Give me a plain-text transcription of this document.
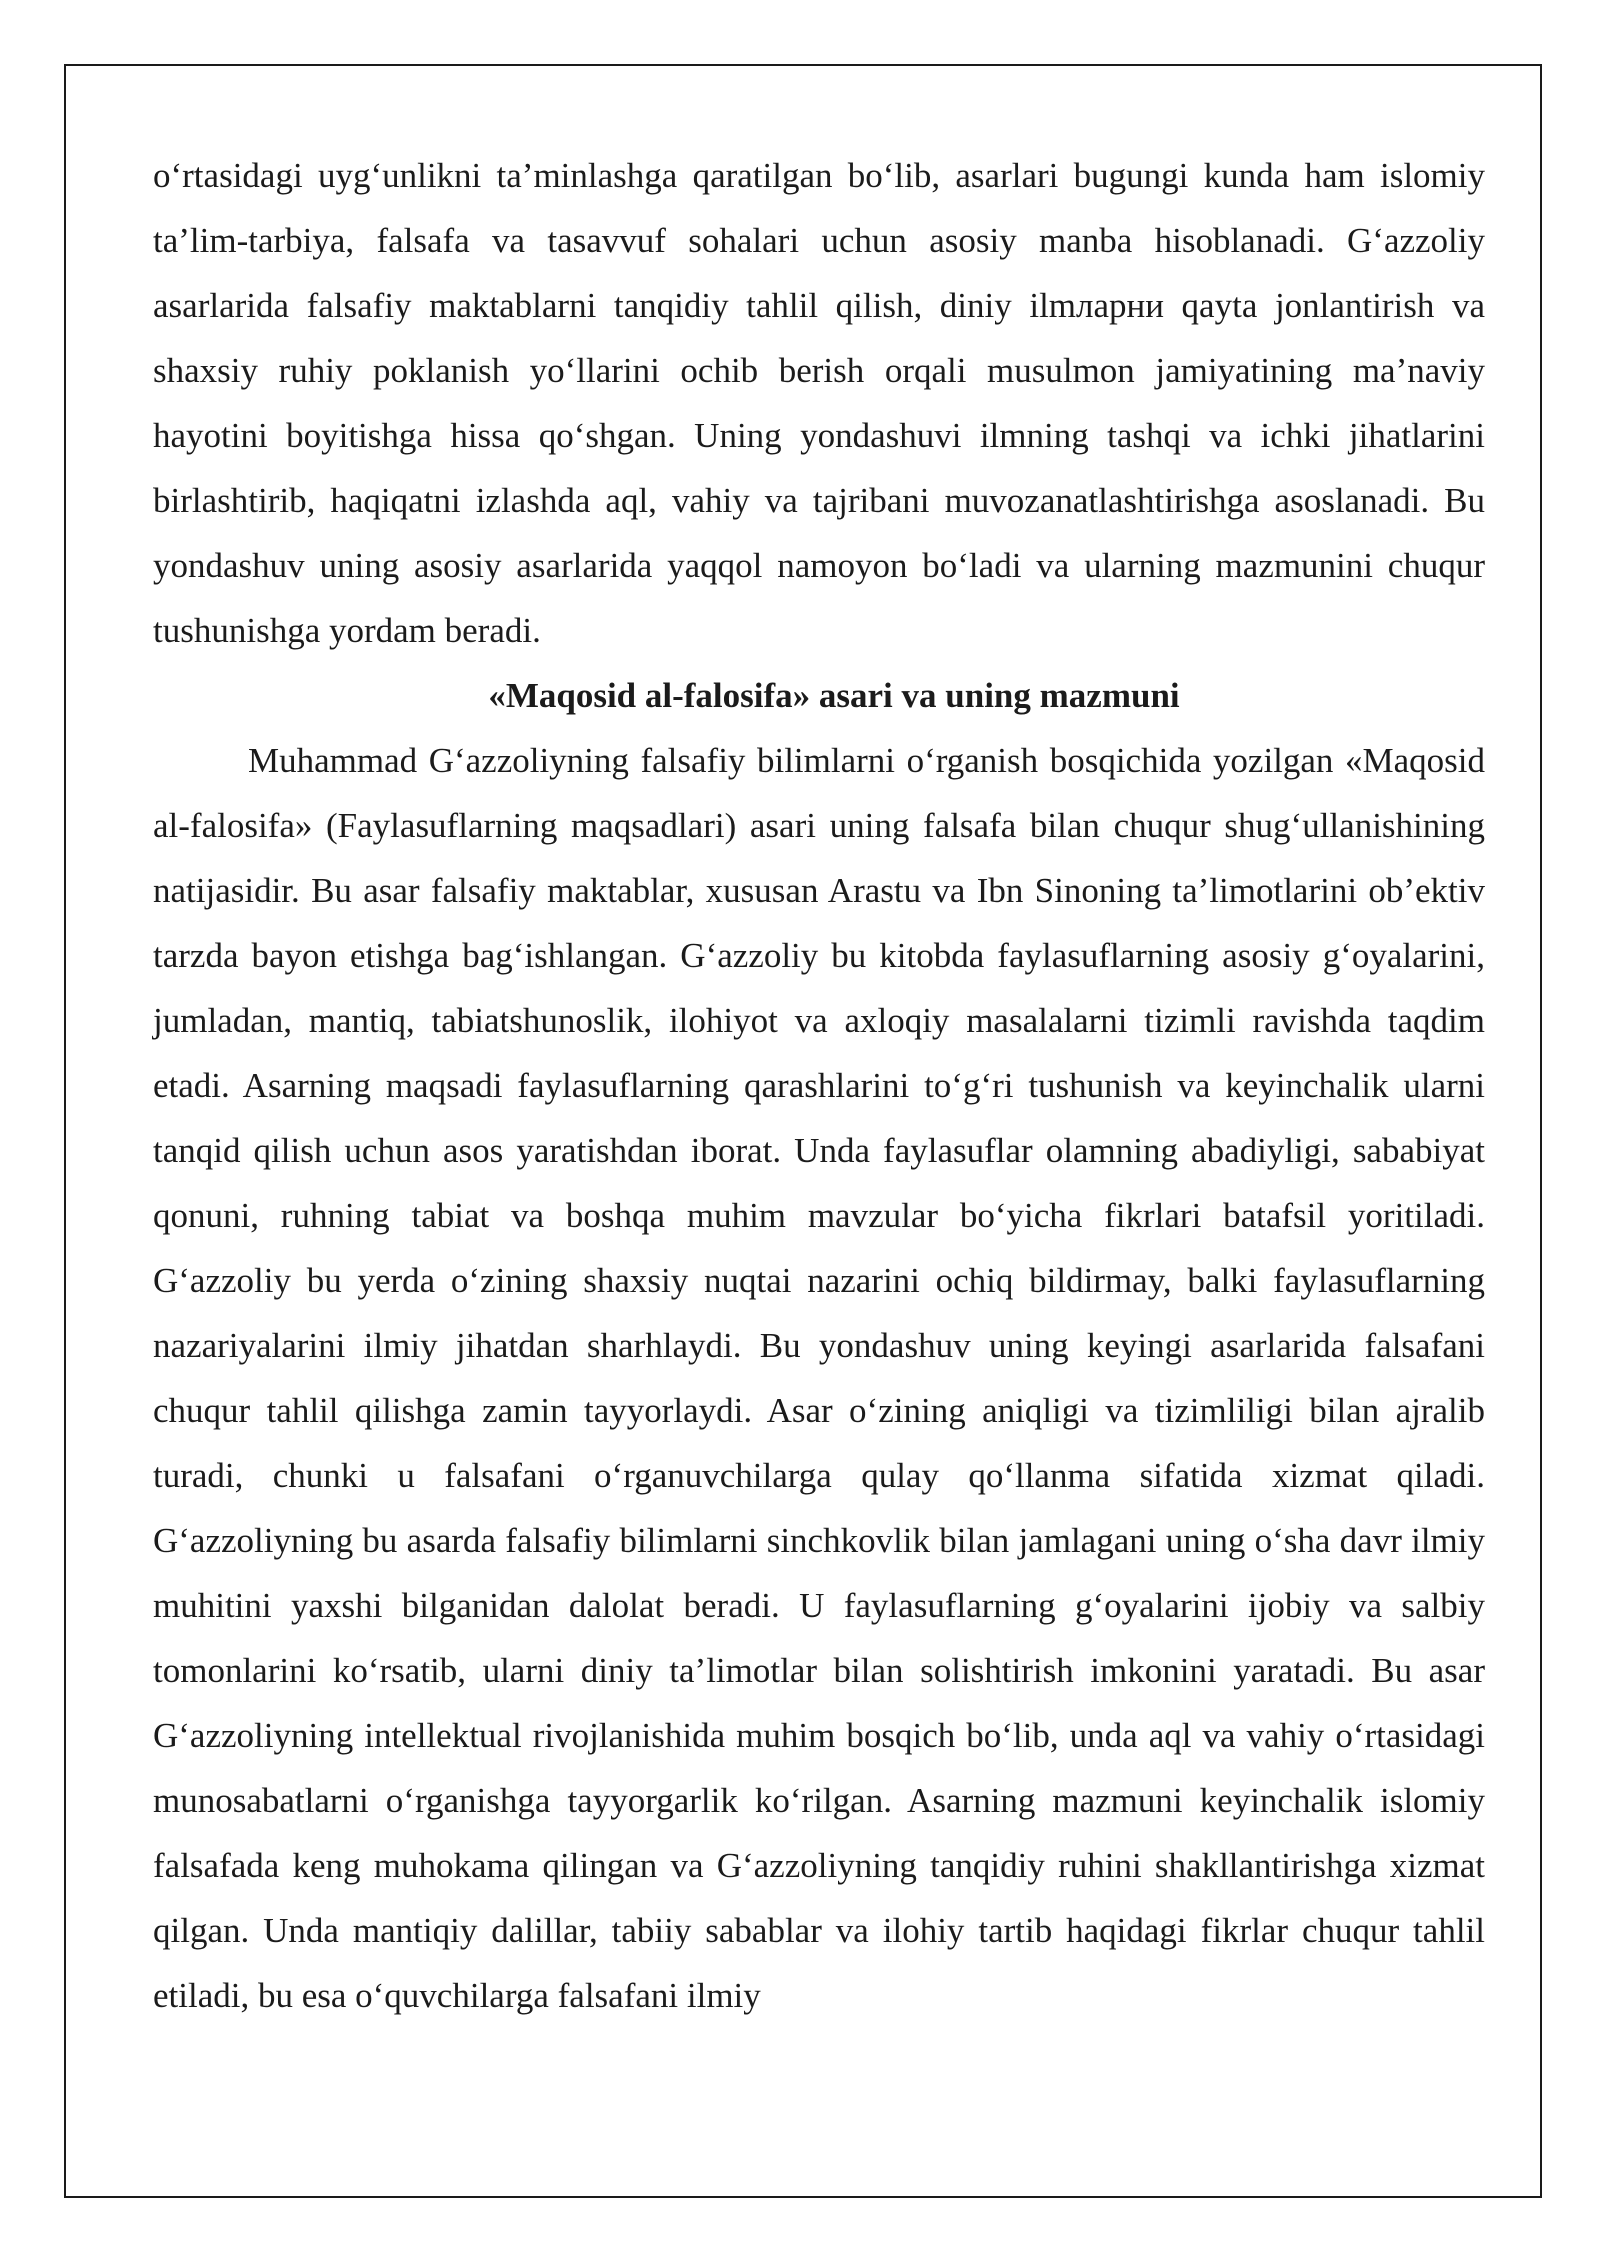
o‘rtasidagi uyg‘unlikni ta’minlashga qaratilgan bo‘lib, asarlari bugungi kunda ham islomiy ta’lim-tarbiya, falsafa va tasavvuf sohalari uchun asosiy manba hisoblanadi. G‘azzoliy asarlarida falsafiy maktablarni tanqidiy tahlil qilish, diniy ilmлapни qayta jonlantirish va shaxsiy ruhiy poklanish yo‘llarini ochib berish orqali musulmon jamiyatining ma’naviy hayotini boyitishga hissa qo‘shgan. Uning yondashuvi ilmning tashqi va ichki jihatlarini birlashtirib, haqiqatni izlashda aql, vahiy va tajribani muvozanatlashtirishga asoslanadi. Bu yondashuv uning asosiy asarlarida yaqqol namoyon bo‘ladi va ularning mazmunini chuqur tushunishga yordam beradi.

«Maqosid al-falosifa» asari va uning mazmuni

Muhammad G‘azzoliyning falsafiy bilimlarni o‘rganish bosqichida yozilgan «Maqosid al-falosifa» (Faylasuflarning maqsadlari) asari uning falsafa bilan chuqur shug‘ullanishining natijasidir. Bu asar falsafiy maktablar, xususan Arastu va Ibn Sinoning ta’limotlarini ob’ektiv tarzda bayon etishga bag‘ishlangan. G‘azzoliy bu kitobda faylasuflarning asosiy g‘oyalarini, jumladan, mantiq, tabiatshunoslik, ilohiyot va axloqiy masalalarni tizimli ravishda taqdim etadi. Asarning maqsadi faylasuflarning qarashlarini to‘g‘ri tushunish va keyinchalik ularni tanqid qilish uchun asos yaratishdan iborat. Unda faylasuflar olamning abadiyligi, sababiyat qonuni, ruhning tabiat va boshqa muhim mavzular bo‘yicha fikrlari batafsil yoritiladi. G‘azzoliy bu yerda o‘zining shaxsiy nuqtai nazarini ochiq bildirmay, balki faylasuflarning nazariyalarini ilmiy jihatdan sharhlaydi. Bu yondashuv uning keyingi asarlarida falsafani chuqur tahlil qilishga zamin tayyorlaydi. Asar o‘zining aniqligi va tizimliligi bilan ajralib turadi, chunki u falsafani o‘rganuvchilarga qulay qo‘llanma sifatida xizmat qiladi. G‘azzoliyning bu asarda falsafiy bilimlarni sinchkovlik bilan jamlagani uning o‘sha davr ilmiy muhitini yaxshi bilganidan dalolat beradi. U faylasuflarning g‘oyalarini ijobiy va salbiy tomonlarini ko‘rsatib, ularni diniy ta’limotlar bilan solishtirish imkonini yaratadi. Bu asar G‘azzoliyning intellektual rivojlanishida muhim bosqich bo‘lib, unda aql va vahiy o‘rtasidagi munosabatlarni o‘rganishga tayyorgarlik ko‘rilgan. Asarning mazmuni keyinchalik islomiy falsafada keng muhokama qilingan va G‘azzoliyning tanqidiy ruhini shakllantirishga xizmat qilgan. Unda mantiqiy dalillar, tabiiy sabablar va ilohiy tartib haqidagi fikrlar chuqur tahlil etiladi, bu esa o‘quvchilarga falsafani ilmiy
